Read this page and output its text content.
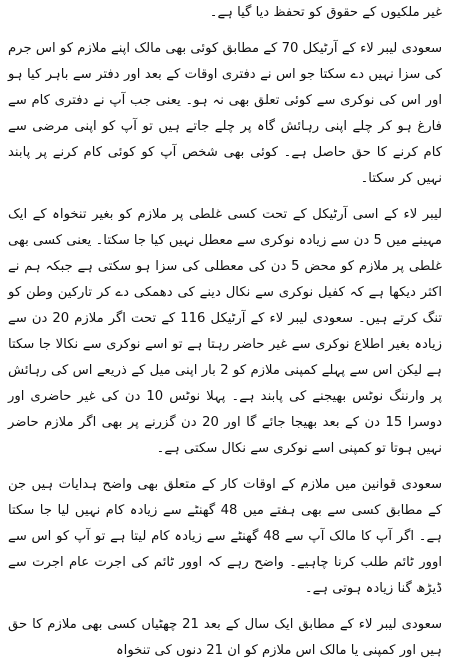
غیر ملکیوں کے حقوق کو تحفظ دیا گیا ہے۔

سعودی لیبر لاء کے آرٹیکل 70 کے مطابق کوئی بھی مالک اپنے ملازم کو اس جرم کی سزا نہیں دے سکتا جو اس نے دفتری اوقات کے بعد اور دفتر سے باہر کیا ہو اور اس کی نوکری سے کوئی تعلق بھی نہ ہو۔ یعنی جب آپ نے دفتری کام سے فارغ ہو کر چلے اپنی رہائش گاہ پر چلے جاتے ہیں تو آپ کو اپنی مرضی سے کام کرنے کا حق حاصل ہے۔ کوئی بھی شخص آپ کو کوئی کام کرنے پر پابند نہیں کر سکتا۔

لیبر لاء کے اسی آرٹیکل کے تحت کسی غلطی پر ملازم کو بغیر تنخواہ کے ایک مہینے میں 5 دن سے زیادہ نوکری سے معطل نہیں کیا جا سکتا۔ یعنی کسی بھی غلطی پر ملازم کو محض 5 دن کی معطلی کی سزا ہو سکتی ہے جبکہ ہم نے اکثر دیکھا ہے کہ کفیل نوکری سے نکال دینے کی دھمکی دے کر تارکین وطن کو تنگ کرتے ہیں۔ سعودی لیبر لاء کے آرٹیکل 116 کے تحت اگر ملازم 20 دن سے زیادہ بغیر اطلاع نوکری سے غیر حاضر رہتا ہے تو اسے نوکری سے نکالا جا سکتا ہے لیکن اس سے پہلے کمپنی ملازم کو 2 بار اپنی میل کے ذریعے اس کی رہائش پر وارننگ نوٹس بھیجنے کی پابند ہے۔ پہلا نوٹس 10 دن کی غیر حاضری اور دوسرا 15 دن کے بعد بھیجا جائے گا اور 20 دن گزرنے پر بھی اگر ملازم حاضر نہیں ہوتا تو کمپنی اسے نوکری سے نکال سکتی ہے۔

سعودی قوانین میں ملازم کے اوقات کار کے متعلق بھی واضح ہدایات ہیں جن کے مطابق کسی سے بھی ہفتے میں 48 گھنٹے سے زیادہ کام نہیں لیا جا سکتا ہے۔ اگر آپ کا مالک آپ سے 48 گھنٹے سے زیادہ کام لیتا ہے تو آپ کو اس سے اوور ٹائم طلب کرنا چاہیے۔ واضح رہے کہ اوور ٹائم کی اجرت عام اجرت سے ڈیڑھ گنا زیادہ ہوتی ہے۔

سعودی لیبر لاء کے مطابق ایک سال کے بعد 21 چھٹیاں کسی بھی ملازم کا حق ہیں اور کمپنی یا مالک اس ملازم کو ان 21 دنوں کی تنخواہ
